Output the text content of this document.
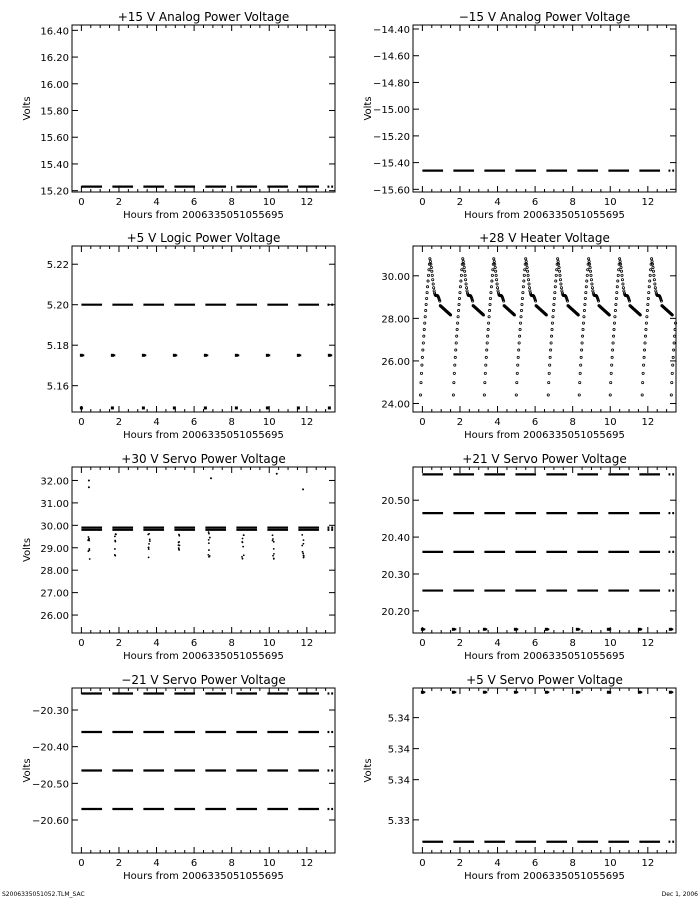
+15 V Analog Power Voltage
Hours from 2006335051055695
Volts
0	2	4	6	8	10 12
15.20
15.40
15.60
15.80
16.00
16.20
16.40
−15 V Analog Power Voltage
Hours from 2006335051055695
Volts
0	2	4	6	8	10 12
−14.40
−14.60
−14.80
−15.00
−15.20
−15.40
−15.60
+5 V Logic Power Voltage
Hours from 2006335051055695
0	2	4	6	8	10 12
5.16
5.18
5.20
5.22
+28 V Heater Voltage
Hours from 2006335051055695
0	2	4	6	8	10 12
24.00
26.00
28.00
30.00
+30 V Servo Power Voltage
Hours from 2006335051055695
Volts
0	2	4	6	8	10 12
26.00
27.00
28.00
29.00
30.00
31.00
32.00
+21 V Servo Power Voltage
Hours from 2006335051055695
0	2	4	6	8	10 12
20.20
20.30
20.40
20.50
−21 V Servo Power Voltage
Hours from 2006335051055695
Volts
0	2	4	6	8	10 12
−20.30
−20.40
−20.50
−20.60
+5 V Servo Power Voltage
Hours from 2006335051055695
Volts
0	2	4	6	8	10 12
5.33
5.34
5.34
5.34
S2006335051052.TLM_SAC	Dec 1, 2006
